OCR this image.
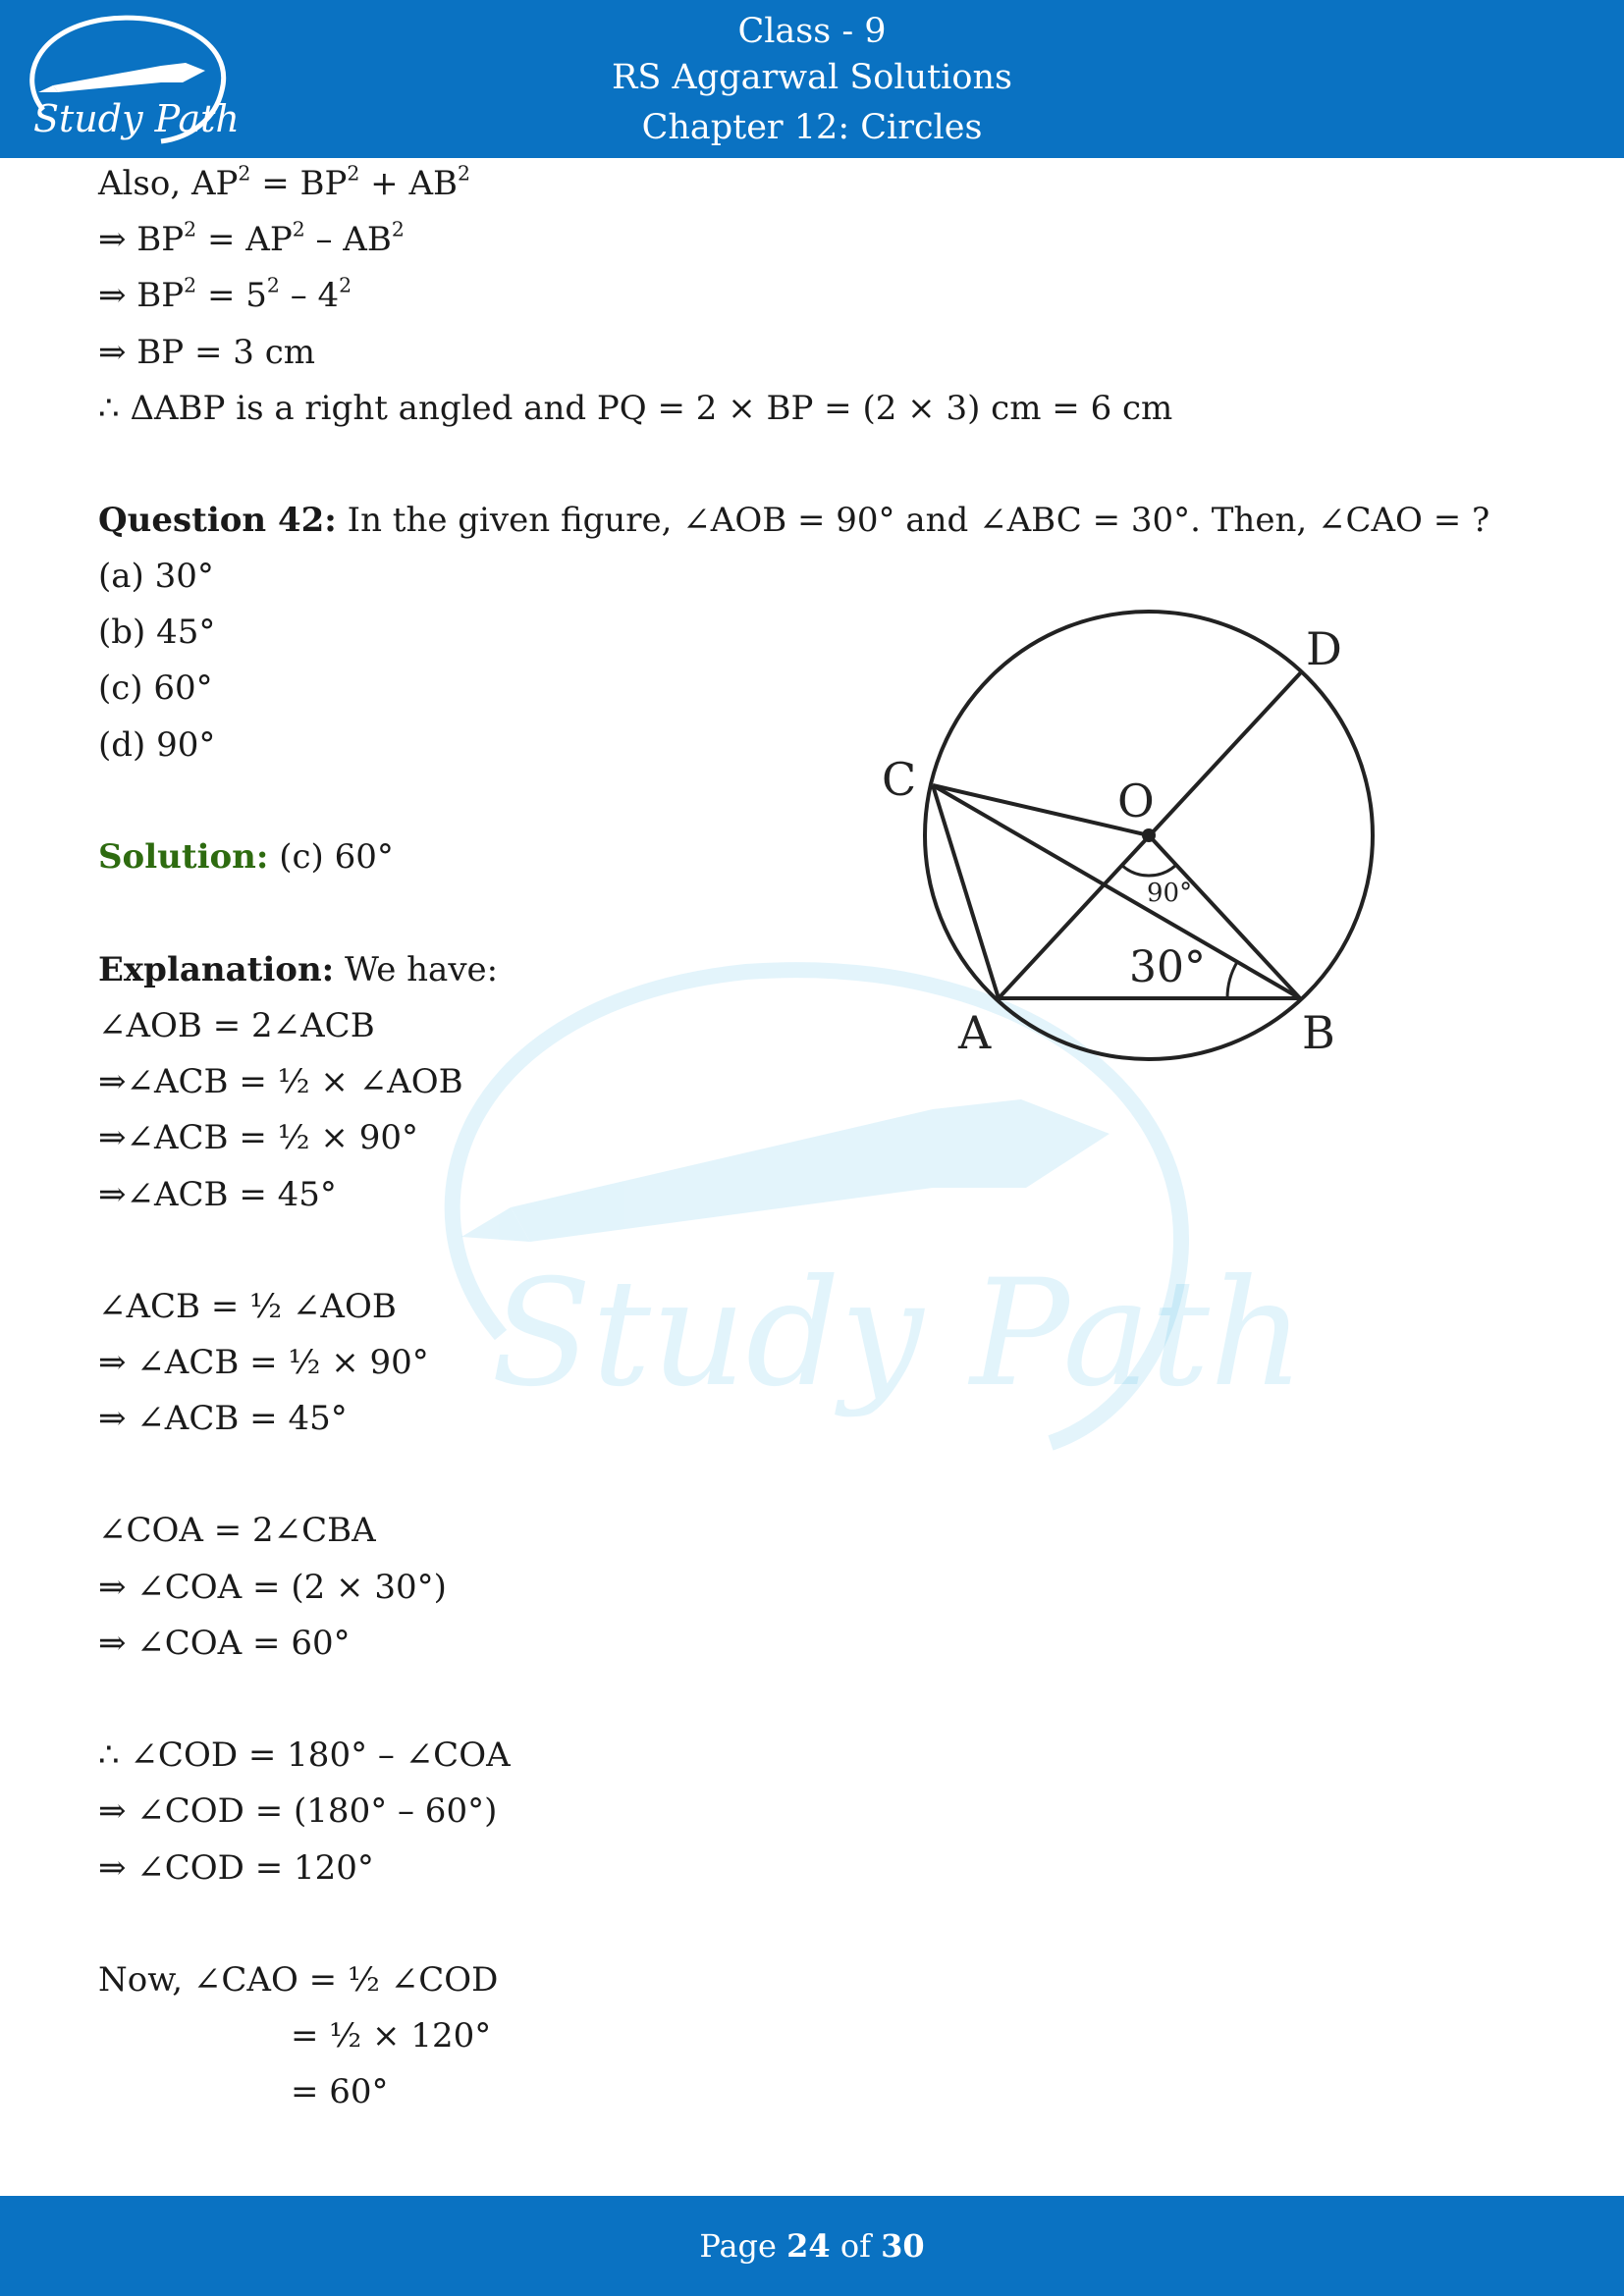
Study Path
Class - 9
RS Aggarwal Solutions
Chapter 12: Circles
Study Path
Also, $AP^2 = BP^2 + AB^2$
⇒ $BP^2 = AP^2 - AB^2$
⇒ $BP^2 = 5^2 - 4^2$
⇒ BP = 3 cm
∴ ΔABP is a right angled and PQ = 2 × BP = (2 × 3) cm = 6 cm
Question 42: In the given figure, ∠AOB = 90° and ∠ABC = 30°. Then, ∠CAO = ?
(a) 30°
(b) 45°
(c) 60°
(d) 90°
Solution: (c) 60°
Explanation: We have:
∠AOB = 2∠ACB
⇒∠ACB = ½ × ∠AOB
⇒∠ACB = ½ × 90°
⇒∠ACB = 45°
∠ACB = ½ ∠AOB
⇒ ∠ACB = ½ × 90°
⇒ ∠ACB = 45°
∠COA = 2∠CBA
⇒ ∠COA = (2 × 30°)
⇒ ∠COA = 60°
∴ ∠COD = 180° – ∠COA
⇒ ∠COD = (180° – 60°)
⇒ ∠COD = 120°
Now, ∠CAO = ½ ∠COD
= ½ × 120°
= 60°
C	O
D
A	B
90°
30°
Page 24 of 30
